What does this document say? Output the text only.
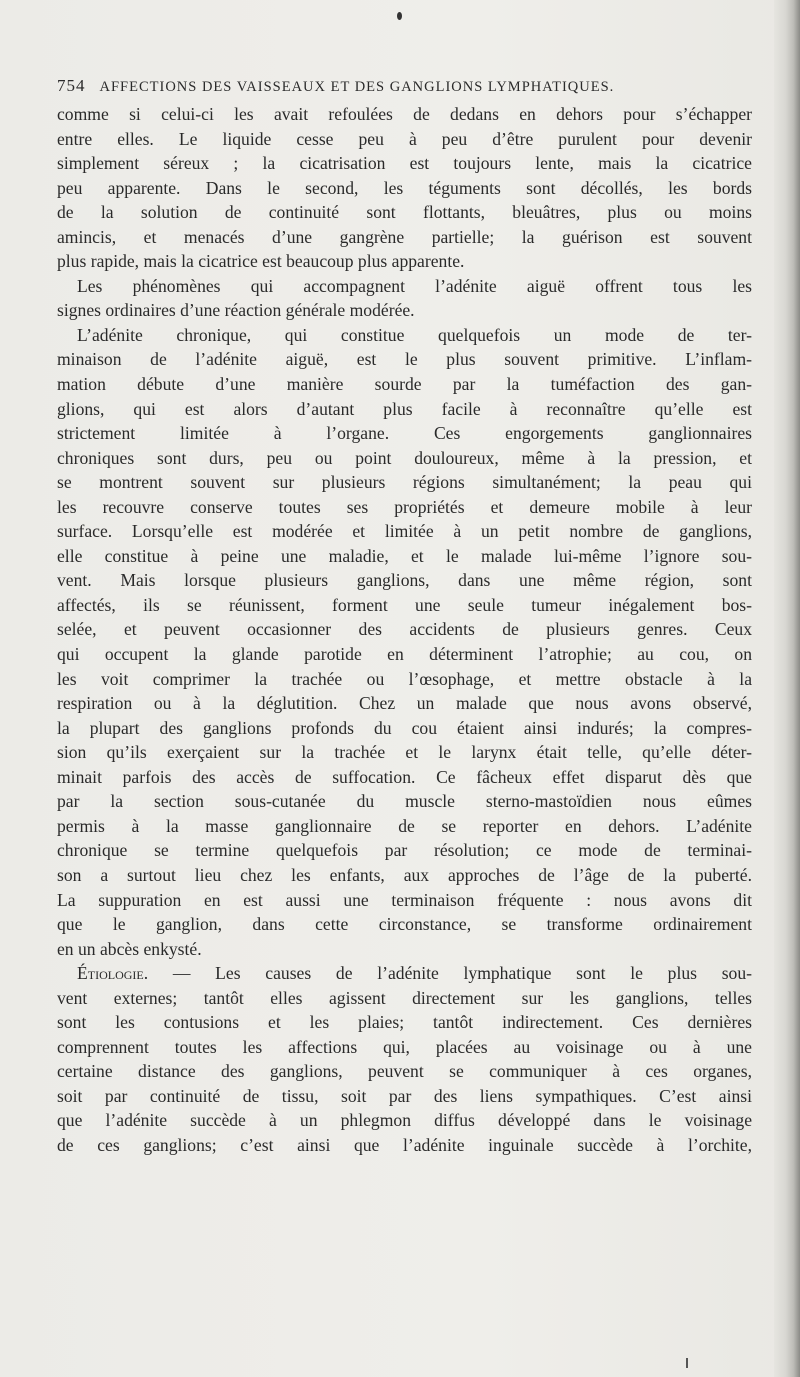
754 AFFECTIONS DES VAISSEAUX ET DES GANGLIONS LYMPHATIQUES.

comme si celui-ci les avait refoulées de dedans en dehors pour s’échapper

entre elles. Le liquide cesse peu à peu d’être purulent pour devenir

simplement séreux ; la cicatrisation est toujours lente, mais la cicatrice

peu apparente. Dans le second, les téguments sont décollés, les bords

de la solution de continuité sont flottants, bleuâtres, plus ou moins

amincis, et menacés d’une gangrène partielle; la guérison est souvent

plus rapide, mais la cicatrice est beaucoup plus apparente.

Les phénomènes qui accompagnent l’adénite aiguë offrent tous les

signes ordinaires d’une réaction générale modérée.

L’adénite chronique, qui constitue quelquefois un mode de ter-

minaison de l’adénite aiguë, est le plus souvent primitive. L’inflam-

mation débute d’une manière sourde par la tuméfaction des gan-

glions, qui est alors d’autant plus facile à reconnaître qu’elle est

strictement limitée à l’organe. Ces engorgements ganglionnaires

chroniques sont durs, peu ou point douloureux, même à la pression, et

se montrent souvent sur plusieurs régions simultanément; la peau qui

les recouvre conserve toutes ses propriétés et demeure mobile à leur

surface. Lorsqu’elle est modérée et limitée à un petit nombre de ganglions,

elle constitue à peine une maladie, et le malade lui-même l’ignore sou-

vent. Mais lorsque plusieurs ganglions, dans une même région, sont

affectés, ils se réunissent, forment une seule tumeur inégalement bos-

selée, et peuvent occasionner des accidents de plusieurs genres. Ceux

qui occupent la glande parotide en déterminent l’atrophie; au cou, on

les voit comprimer la trachée ou l’œsophage, et mettre obstacle à la

respiration ou à la déglutition. Chez un malade que nous avons observé,

la plupart des ganglions profonds du cou étaient ainsi indurés; la compres-

sion qu’ils exerçaient sur la trachée et le larynx était telle, qu’elle déter-

minait parfois des accès de suffocation. Ce fâcheux effet disparut dès que

par la section sous-cutanée du muscle sterno-mastoïdien nous eûmes

permis à la masse ganglionnaire de se reporter en dehors. L’adénite

chronique se termine quelquefois par résolution; ce mode de terminai-

son a surtout lieu chez les enfants, aux approches de l’âge de la puberté.

La suppuration en est aussi une terminaison fréquente : nous avons dit

que le ganglion, dans cette circonstance, se transforme ordinairement

en un abcès enkysté.

Étiologie. — Les causes de l’adénite lymphatique sont le plus sou-

vent externes; tantôt elles agissent directement sur les ganglions, telles

sont les contusions et les plaies; tantôt indirectement. Ces dernières

comprennent toutes les affections qui, placées au voisinage ou à une

certaine distance des ganglions, peuvent se communiquer à ces organes,

soit par continuité de tissu, soit par des liens sympathiques. C’est ainsi

que l’adénite succède à un phlegmon diffus développé dans le voisinage

de ces ganglions; c’est ainsi que l’adénite inguinale succède à l’orchite,
